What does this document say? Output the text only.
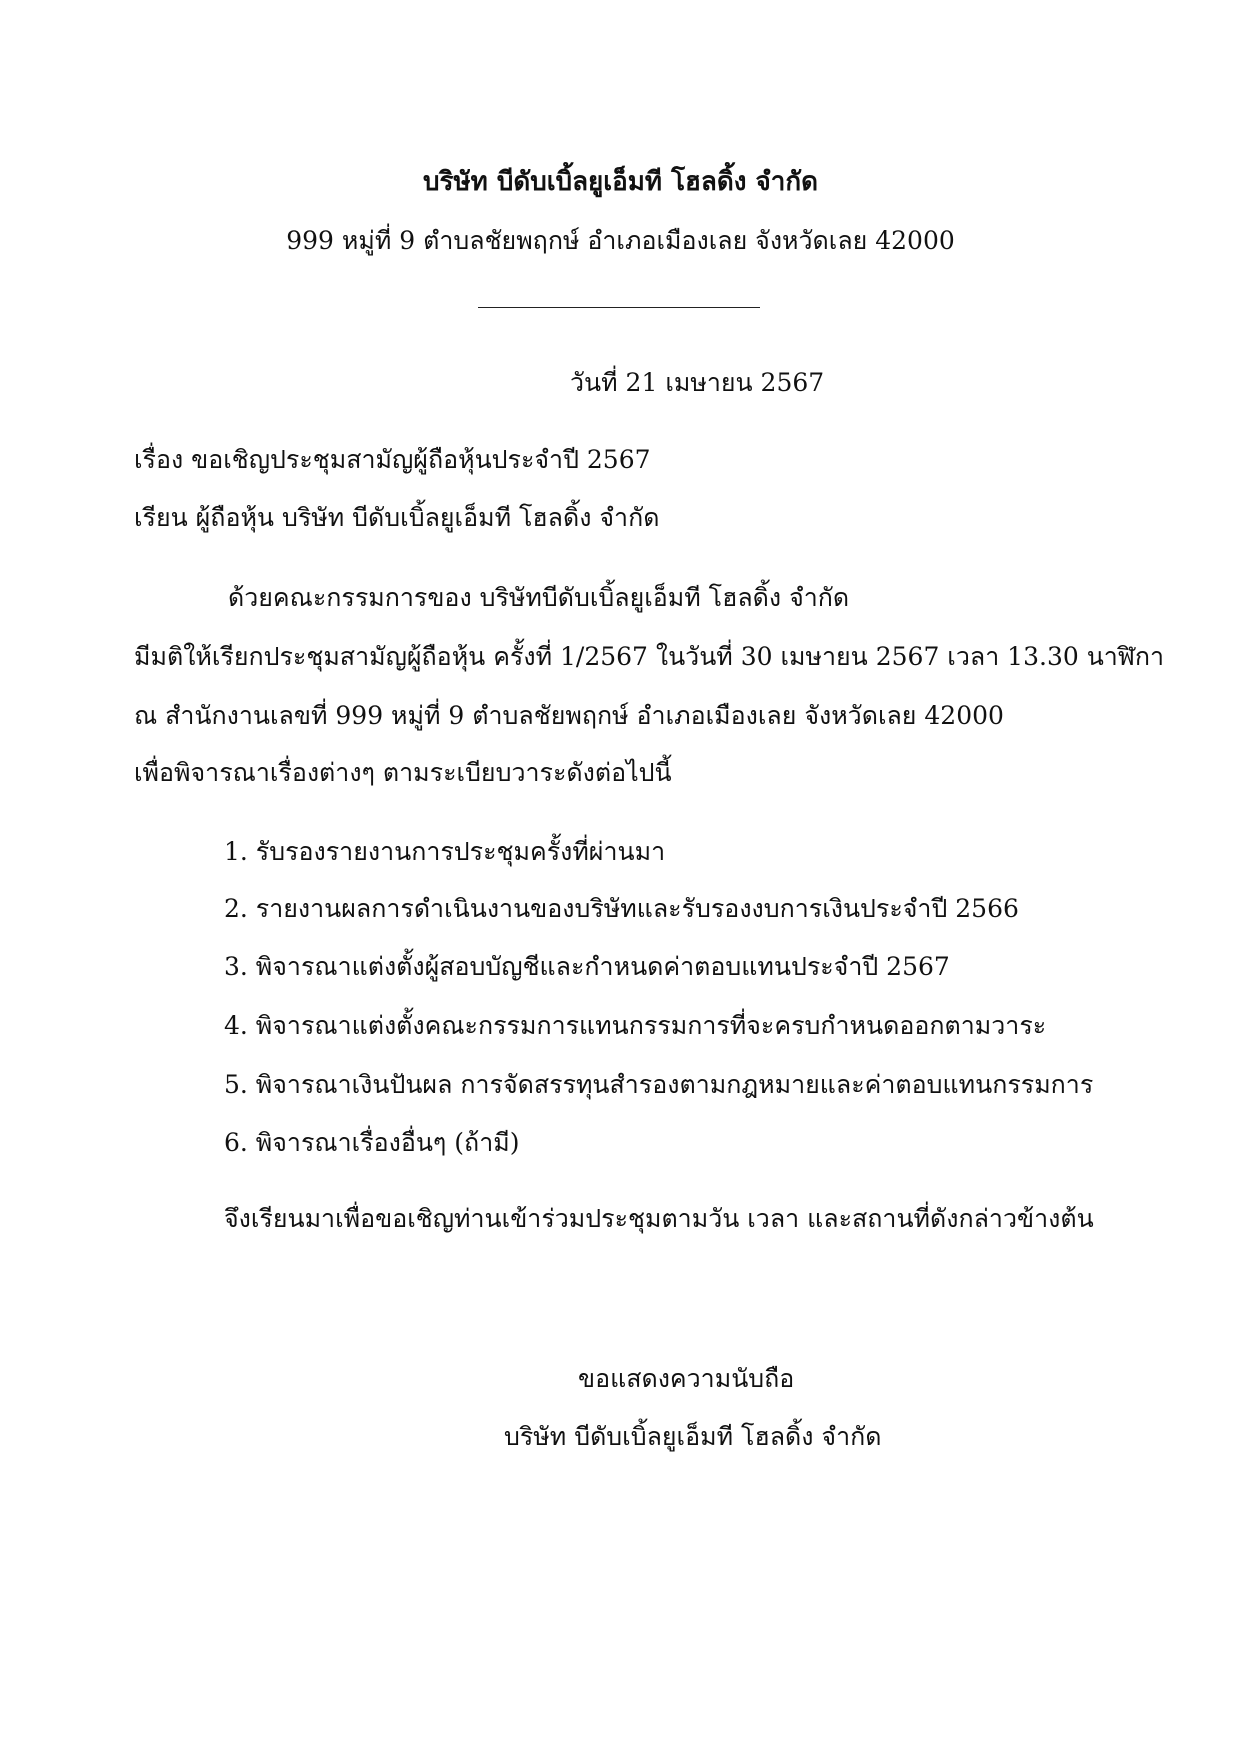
บริษัท บีดับเบิ้ลยูเอ็มที โฮลดิ้ง จำกัด
999 หมู่ที่ 9 ตำบลชัยพฤกษ์ อำเภอเมืองเลย จังหวัดเลย 42000
วันที่ 21 เมษายน 2567
เรื่อง ขอเชิญประชุมสามัญผู้ถือหุ้นประจำปี 2567
เรียน ผู้ถือหุ้น บริษัท บีดับเบิ้ลยูเอ็มที โฮลดิ้ง จำกัด
ด้วยคณะกรรมการของ บริษัทบีดับเบิ้ลยูเอ็มที โฮลดิ้ง จำกัด
มีมติให้เรียกประชุมสามัญผู้ถือหุ้น ครั้งที่ 1/2567 ในวันที่ 30 เมษายน 2567 เวลา 13.30 นาฬิกา
ณ สำนักงานเลขที่ 999 หมู่ที่ 9 ตำบลชัยพฤกษ์ อำเภอเมืองเลย จังหวัดเลย 42000
เพื่อพิจารณาเรื่องต่างๆ ตามระเบียบวาระดังต่อไปนี้
1. รับรองรายงานการประชุมครั้งที่ผ่านมา
2. รายงานผลการดำเนินงานของบริษัทและรับรองงบการเงินประจำปี 2566
3. พิจารณาแต่งตั้งผู้สอบบัญชีและกำหนดค่าตอบแทนประจำปี 2567
4. พิจารณาแต่งตั้งคณะกรรมการแทนกรรมการที่จะครบกำหนดออกตามวาระ
5. พิจารณาเงินปันผล การจัดสรรทุนสำรองตามกฎหมายและค่าตอบแทนกรรมการ
6. พิจารณาเรื่องอื่นๆ (ถ้ามี)
จึงเรียนมาเพื่อขอเชิญท่านเข้าร่วมประชุมตามวัน เวลา และสถานที่ดังกล่าวข้างต้น
ขอแสดงความนับถือ
บริษัท บีดับเบิ้ลยูเอ็มที โฮลดิ้ง จำกัด
